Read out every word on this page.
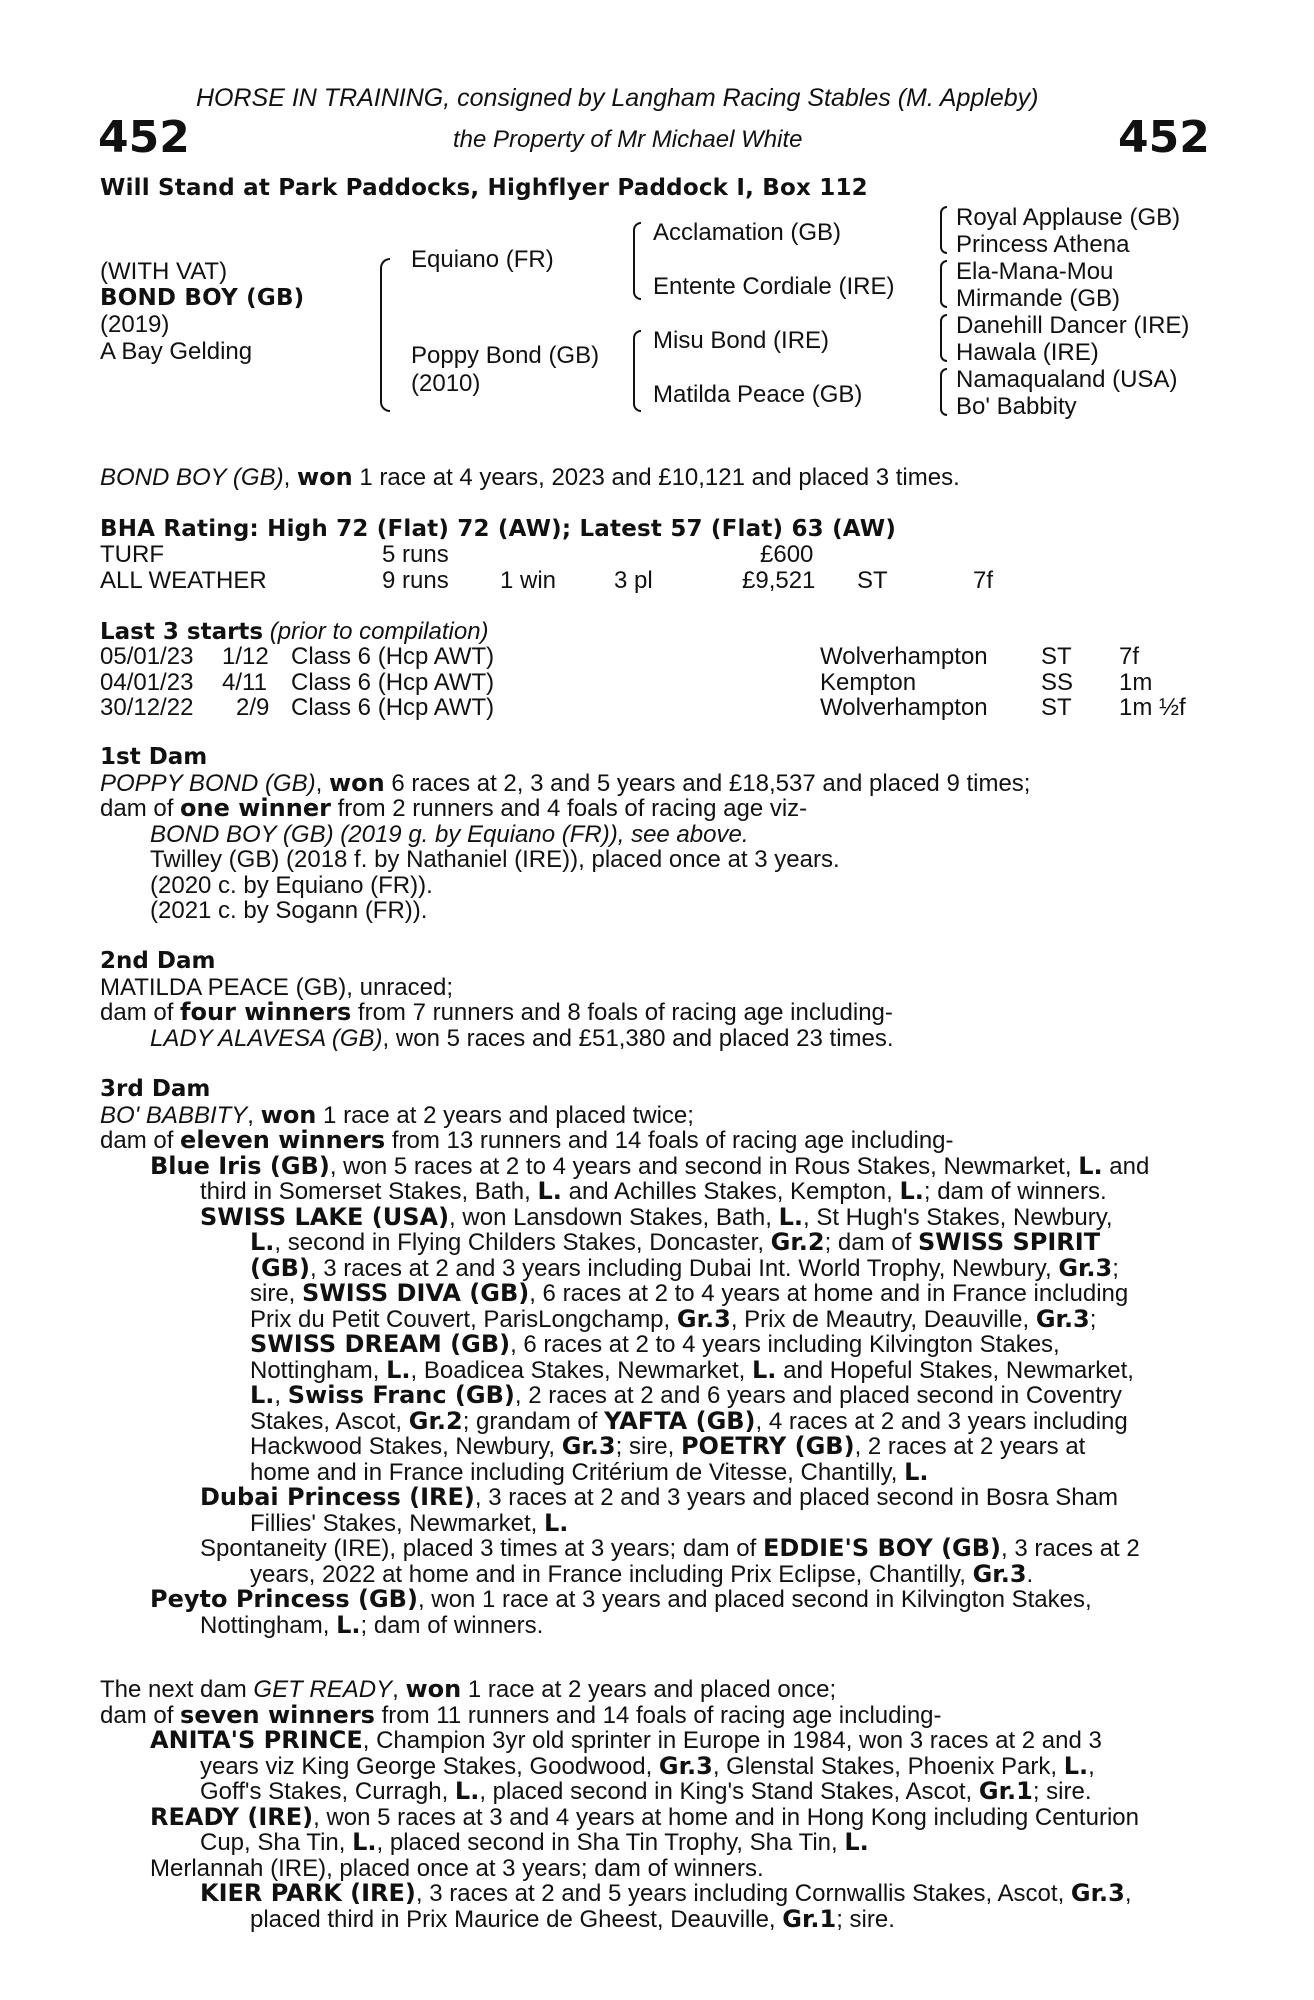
HORSE IN TRAINING, consigned by Langham Racing Stables (M. Appleby)
452	the Property of Mr Michael White	452
Will Stand at Park Paddocks, Highflyer Paddock I, Box 112
(WITH VAT)
BOND BOY (GB)
(2019)
A Bay Gelding
Equiano (FR)
Poppy Bond (GB)
(2010)
Acclamation (GB)
Entente Cordiale (IRE)
Misu Bond (IRE)
Matilda Peace (GB)
Royal Applause (GB)
Princess Athena
Ela-Mana-Mou
Mirmande (GB)
Danehill Dancer (IRE)
Hawala (IRE)
Namaqualand (USA)
Bo' Babbity
BOND BOY (GB), won 1 race at 4 years, 2023 and £10,121 and placed 3 times.
BHA Rating: High 72 (Flat) 72 (AW); Latest 57 (Flat) 63 (AW)
TURF	5 runs	£600
ALL WEATHER	9 runs 1 win 3 pl	£9,521 ST	7f
Last 3 starts (prior to compilation)
05/01/23 1/12 Class 6 (Hcp AWT)	Wolverhampton ST 7f
04/01/23 4/11 Class 6 (Hcp AWT)	Kempton	SS 1m
30/12/22 2/9 Class 6 (Hcp AWT)	Wolverhampton ST 1m ½f
1st Dam
POPPY BOND (GB), won 6 races at 2, 3 and 5 years and £18,537 and placed 9 times;
dam of one winner from 2 runners and 4 foals of racing age viz-
BOND BOY (GB) (2019 g. by Equiano (FR)), see above.
Twilley (GB) (2018 f. by Nathaniel (IRE)), placed once at 3 years.
(2020 c. by Equiano (FR)).
(2021 c. by Sogann (FR)).
2nd Dam
MATILDA PEACE (GB), unraced;
dam of four winners from 7 runners and 8 foals of racing age including-
LADY ALAVESA (GB), won 5 races and £51,380 and placed 23 times.
3rd Dam
BO' BABBITY, won 1 race at 2 years and placed twice;
dam of eleven winners from 13 runners and 14 foals of racing age including-
Blue Iris (GB), won 5 races at 2 to 4 years and second in Rous Stakes, Newmarket, L. and
third in Somerset Stakes, Bath, L. and Achilles Stakes, Kempton, L.; dam of winners.
SWISS LAKE (USA), won Lansdown Stakes, Bath, L., St Hugh's Stakes, Newbury,
L., second in Flying Childers Stakes, Doncaster, Gr.2; dam of SWISS SPIRIT
(GB), 3 races at 2 and 3 years including Dubai Int. World Trophy, Newbury, Gr.3;
sire, SWISS DIVA (GB), 6 races at 2 to 4 years at home and in France including
Prix du Petit Couvert, ParisLongchamp, Gr.3, Prix de Meautry, Deauville, Gr.3;
SWISS DREAM (GB), 6 races at 2 to 4 years including Kilvington Stakes,
Nottingham, L., Boadicea Stakes, Newmarket, L. and Hopeful Stakes, Newmarket,
L., Swiss Franc (GB), 2 races at 2 and 6 years and placed second in Coventry
Stakes, Ascot, Gr.2; grandam of YAFTA (GB), 4 races at 2 and 3 years including
Hackwood Stakes, Newbury, Gr.3; sire, POETRY (GB), 2 races at 2 years at
home and in France including Critérium de Vitesse, Chantilly, L.
Dubai Princess (IRE), 3 races at 2 and 3 years and placed second in Bosra Sham
Fillies' Stakes, Newmarket, L.
Spontaneity (IRE), placed 3 times at 3 years; dam of EDDIE'S BOY (GB), 3 races at 2
years, 2022 at home and in France including Prix Eclipse, Chantilly, Gr.3.
Peyto Princess (GB), won 1 race at 3 years and placed second in Kilvington Stakes,
Nottingham, L.; dam of winners.
The next dam GET READY, won 1 race at 2 years and placed once;
dam of seven winners from 11 runners and 14 foals of racing age including-
ANITA'S PRINCE, Champion 3yr old sprinter in Europe in 1984, won 3 races at 2 and 3
years viz King George Stakes, Goodwood, Gr.3, Glenstal Stakes, Phoenix Park, L.,
Goff's Stakes, Curragh, L., placed second in King's Stand Stakes, Ascot, Gr.1; sire.
READY (IRE), won 5 races at 3 and 4 years at home and in Hong Kong including Centurion
Cup, Sha Tin, L., placed second in Sha Tin Trophy, Sha Tin, L.
Merlannah (IRE), placed once at 3 years; dam of winners.
KIER PARK (IRE), 3 races at 2 and 5 years including Cornwallis Stakes, Ascot, Gr.3,
placed third in Prix Maurice de Gheest, Deauville, Gr.1; sire.
